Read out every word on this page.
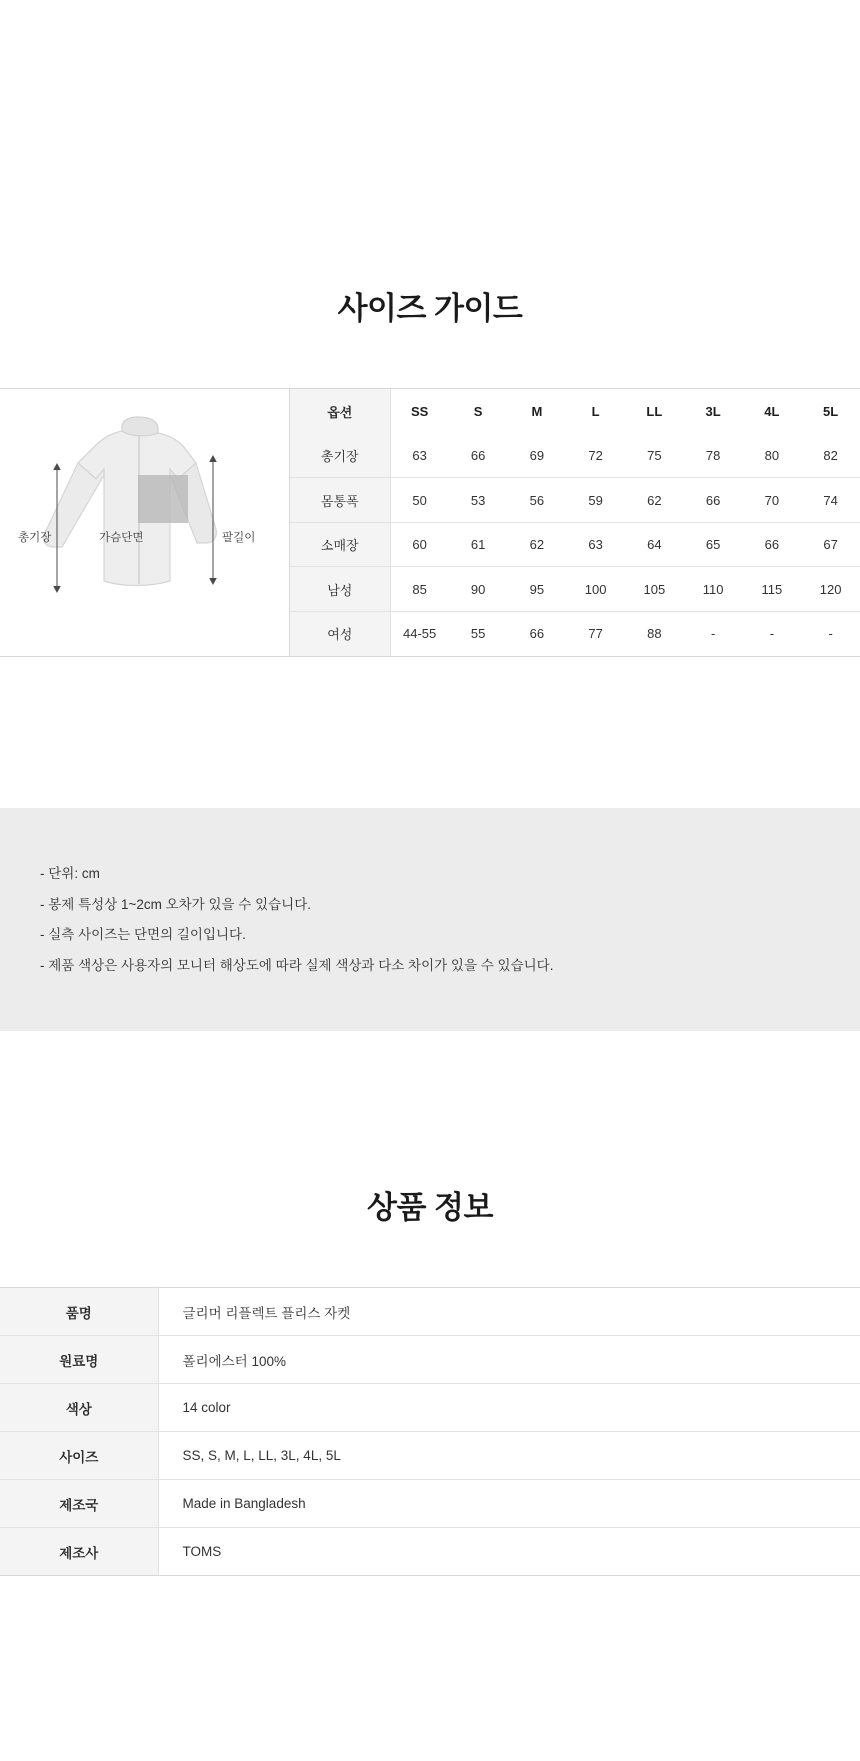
사이즈 가이드
총기장	가슴단면	팔길이
옵션	SS	S	M	L	LL	3L	4L	5L
총기장	63	66	69	72	75	78	80	82
몸통폭	50	53	56	59	62	66	70	74
소매장	60	61	62	63	64	65	66	67
남성	85	90	95	100	105	110	115	120
여성	44-55	55	66	77	88	-	-	-

- 단위: cm

- 봉제 특성상 1~2cm 오차가 있을 수 있습니다.

- 실측 사이즈는 단면의 길이입니다.

- 제품 색상은 사용자의 모니터 해상도에 따라 실제 색상과 다소 차이가 있을 수 있습니다.

상품 정보
품명	글리머 리플렉트 플리스 자켓
원료명	폴리에스터 100%
색상	14 color
사이즈	SS, S, M, L, LL, 3L, 4L, 5L
제조국	Made in Bangladesh
제조사	TOMS
